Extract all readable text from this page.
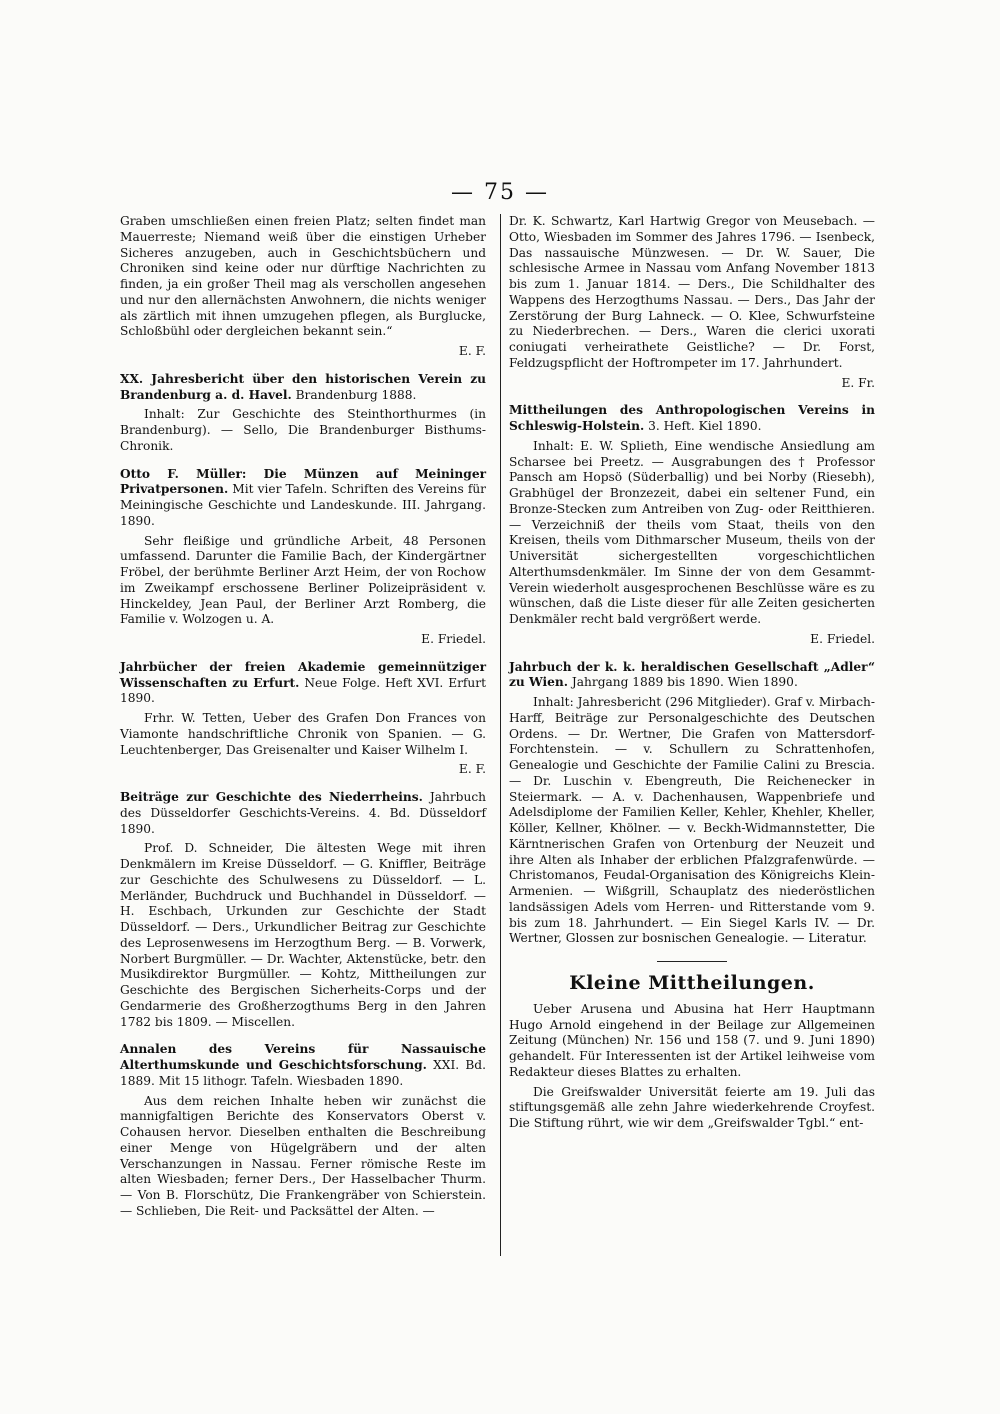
— 75 —

Graben umschließen einen freien Platz; selten findet man Mauerreste; Niemand weiß über die einstigen Urheber Sicheres anzugeben, auch in Geschichtsbüchern und Chroniken sind keine oder nur dürftige Nachrichten zu finden, ja ein großer Theil mag als verschollen angesehen und nur den allernächsten Anwohnern, die nichts weniger als zärtlich mit ihnen umzugehen pflegen, als Burglucke, Schloßbühl oder dergleichen bekannt sein.“

E. F.

XX. Jahresbericht über den historischen Verein zu Brandenburg a. d. Havel. Brandenburg 1888.

Inhalt: Zur Geschichte des Steinthorthurmes (in Brandenburg). — Sello, Die Brandenburger Bisthums-Chronik.

Otto F. Müller: Die Münzen auf Meininger Privatpersonen. Mit vier Tafeln. Schriften des Vereins für Meiningische Geschichte und Landeskunde. III. Jahrgang. 1890.

Sehr fleißige und gründliche Arbeit, 48 Personen umfassend. Darunter die Familie Bach, der Kindergärtner Fröbel, der berühmte Berliner Arzt Heim, der von Rochow im Zweikampf erschossene Berliner Polizeipräsident v. Hinckeldey, Jean Paul, der Berliner Arzt Romberg, die Familie v. Wolzogen u. A.

E. Friedel.

Jahrbücher der freien Akademie gemeinnütziger Wissenschaften zu Erfurt. Neue Folge. Heft XVI. Erfurt 1890.

Frhr. W. Tetten, Ueber des Grafen Don Frances von Viamonte handschriftliche Chronik von Spanien. — G. Leuchtenberger, Das Greisenalter und Kaiser Wilhelm I.

E. F.

Beiträge zur Geschichte des Niederrheins. Jahrbuch des Düsseldorfer Geschichts-Vereins. 4. Bd. Düsseldorf 1890.

Prof. D. Schneider, Die ältesten Wege mit ihren Denkmälern im Kreise Düsseldorf. — G. Kniffler, Beiträge zur Geschichte des Schulwesens zu Düsseldorf. — L. Merländer, Buchdruck und Buchhandel in Düsseldorf. — H. Eschbach, Urkunden zur Geschichte der Stadt Düsseldorf. — Ders., Urkundlicher Beitrag zur Geschichte des Leprosenwesens im Herzogthum Berg. — B. Vorwerk, Norbert Burgmüller. — Dr. Wachter, Aktenstücke, betr. den Musikdirektor Burgmüller. — Kohtz, Mittheilungen zur Geschichte des Bergischen Sicherheits-Corps und der Gendarmerie des Großherzogthums Berg in den Jahren 1782 bis 1809. — Miscellen.

Annalen des Vereins für Nassauische Alterthumskunde und Geschichtsforschung. XXI. Bd. 1889. Mit 15 lithogr. Tafeln. Wiesbaden 1890.

Aus dem reichen Inhalte heben wir zunächst die mannigfaltigen Berichte des Konservators Oberst v. Cohausen hervor. Dieselben enthalten die Beschreibung einer Menge von Hügelgräbern und der alten Verschanzungen in Nassau. Ferner römische Reste im alten Wiesbaden; ferner Ders., Der Hasselbacher Thurm. — Von B. Florschütz, Die Frankengräber von Schierstein. — Schlieben, Die Reit- und Packsättel der Alten. —

Dr. K. Schwartz, Karl Hartwig Gregor von Meusebach. — Otto, Wiesbaden im Sommer des Jahres 1796. — Isenbeck, Das nassauische Münzwesen. — Dr. W. Sauer, Die schlesische Armee in Nassau vom Anfang November 1813 bis zum 1. Januar 1814. — Ders., Die Schildhalter des Wappens des Herzogthums Nassau. — Ders., Das Jahr der Zerstörung der Burg Lahneck. — O. Klee, Schwurfsteine zu Niederbrechen. — Ders., Waren die clerici uxorati coniugati verheirathete Geistliche? — Dr. Forst, Feldzugspflicht der Hoftrompeter im 17. Jahrhundert.

E. Fr.

Mittheilungen des Anthropologischen Vereins in Schleswig-Holstein. 3. Heft. Kiel 1890.

Inhalt: E. W. Splieth, Eine wendische Ansiedlung am Scharsee bei Preetz. — Ausgrabungen des † Professor Pansch am Hopsö (Süderballig) und bei Norby (Riesebh), Grabhügel der Bronzezeit, dabei ein seltener Fund, ein Bronze-Stecken zum Antreiben von Zug- oder Reitthieren. — Verzeichniß der theils vom Staat, theils von den Kreisen, theils vom Dithmarscher Museum, theils von der Universität sichergestellten vorgeschichtlichen Alterthumsdenkmäler. Im Sinne der von dem Gesammt-Verein wiederholt ausgesprochenen Beschlüsse wäre es zu wünschen, daß die Liste dieser für alle Zeiten gesicherten Denkmäler recht bald vergrößert werde.

E. Friedel.

Jahrbuch der k. k. heraldischen Gesellschaft „Adler“ zu Wien. Jahrgang 1889 bis 1890. Wien 1890.

Inhalt: Jahresbericht (296 Mitglieder). Graf v. Mirbach-Harff, Beiträge zur Personalgeschichte des Deutschen Ordens. — Dr. Wertner, Die Grafen von Mattersdorf-Forchtenstein. — v. Schullern zu Schrattenhofen, Genealogie und Geschichte der Familie Calini zu Brescia. — Dr. Luschin v. Ebengreuth, Die Reichenecker in Steiermark. — A. v. Dachenhausen, Wappenbriefe und Adelsdiplome der Familien Keller, Kehler, Khehler, Kheller, Köller, Kellner, Khölner. — v. Beckh-Widmannstetter, Die Kärntnerischen Grafen von Ortenburg der Neuzeit und ihre Alten als Inhaber der erblichen Pfalzgrafenwürde. — Christomanos, Feudal-Organisation des Königreichs Klein-Armenien. — Wißgrill, Schauplatz des niederöstlichen landsässigen Adels vom Herren- und Ritterstande vom 9. bis zum 18. Jahrhundert. — Ein Siegel Karls IV. — Dr. Wertner, Glossen zur bosnischen Genealogie. — Literatur.

Kleine Mittheilungen.

Ueber Arusena und Abusina hat Herr Hauptmann Hugo Arnold eingehend in der Beilage zur Allgemeinen Zeitung (München) Nr. 156 und 158 (7. und 9. Juni 1890) gehandelt. Für Interessenten ist der Artikel leihweise vom Redakteur dieses Blattes zu erhalten.

Die Greifswalder Universität feierte am 19. Juli das stiftungsgemäß alle zehn Jahre wiederkehrende Croyfest. Die Stiftung rührt, wie wir dem „Greifswalder Tgbl.“ ent-
